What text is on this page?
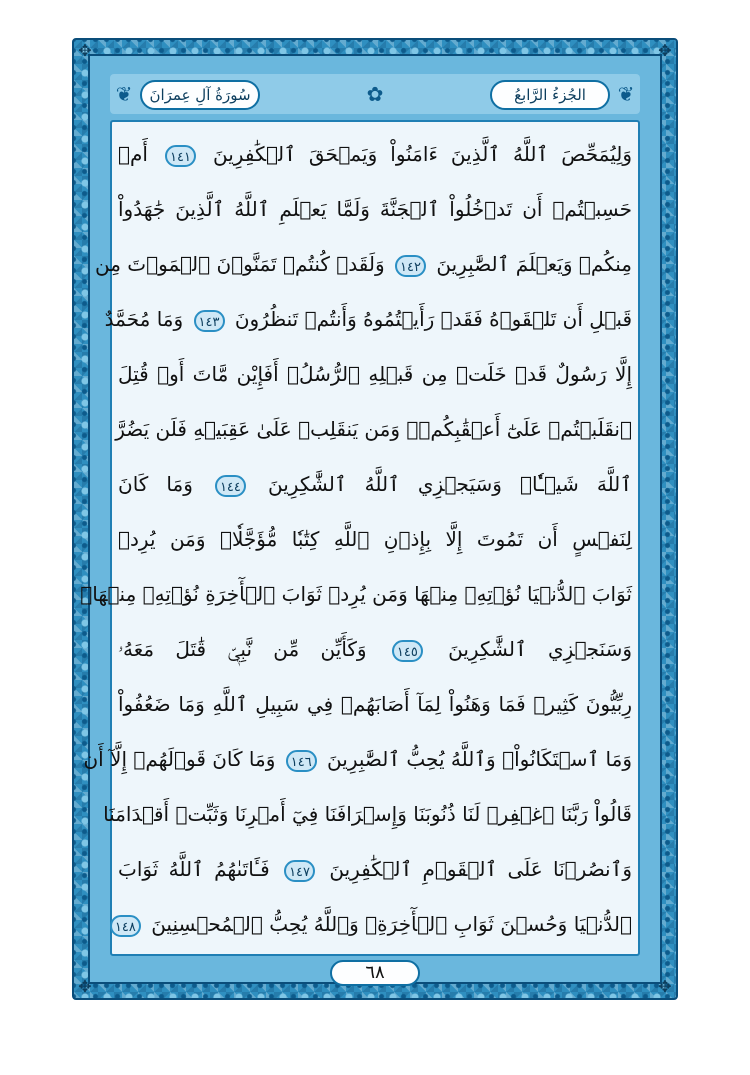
✥	✥
✥	✥
❦	❦
✿
سُورَةُ آلِ عِمرَانَ	الجُزءُ الرَّابعُ
وَلِيُمَحِّصَ ٱللَّهُ ٱلَّذِينَ ءَامَنُواْ وَيَمۡحَقَ ٱلۡكَٰفِرِينَ ١٤١ أَمۡ
حَسِبۡتُمۡ أَن تَدۡخُلُواْ ٱلۡجَنَّةَ وَلَمَّا يَعۡلَمِ ٱللَّهُ ٱلَّذِينَ جَٰهَدُواْ
مِنكُمۡ وَيَعۡلَمَ ٱلصَّٰبِرِينَ ١٤٢ وَلَقَدۡ كُنتُمۡ تَمَنَّوۡنَ ٱلۡمَوۡتَ مِن
قَبۡلِ أَن تَلۡقَوۡهُ فَقَدۡ رَأَيۡتُمُوهُ وَأَنتُمۡ تَنظُرُونَ ١٤٣ وَمَا مُحَمَّدٌ
إِلَّا رَسُولٌ قَدۡ خَلَتۡ مِن قَبۡلِهِ ٱلرُّسُلُۚ أَفَإِيْن مَّاتَ أَوۡ قُتِلَ
ٱنقَلَبۡتُمۡ عَلَىٰٓ أَعۡقَٰبِكُمۡۚ وَمَن يَنقَلِبۡ عَلَىٰ عَقِبَيۡهِ فَلَن يَضُرَّ
ٱللَّهَ شَيۡـٔٗاۗ وَسَيَجۡزِي ٱللَّهُ ٱلشَّٰكِرِينَ ١٤٤ وَمَا كَانَ
لِنَفۡسٍ أَن تَمُوتَ إِلَّا بِإِذۡنِ ٱللَّهِ كِتَٰبٗا مُّؤَجَّلٗاۗ وَمَن يُرِدۡ
ثَوَابَ ٱلدُّنۡيَا نُؤۡتِهِۦ مِنۡهَا وَمَن يُرِدۡ ثَوَابَ ٱلۡأٓخِرَةِ نُؤۡتِهِۦ مِنۡهَاۚ
وَسَنَجۡزِي ٱلشَّٰكِرِينَ ١٤٥ وَكَأَيِّن مِّن نَّبِيّٖ قَٰتَلَ مَعَهُۥ
رِبِّيُّونَ كَثِيرٞ فَمَا وَهَنُواْ لِمَآ أَصَابَهُمۡ فِي سَبِيلِ ٱللَّهِ وَمَا ضَعُفُواْ
وَمَا ٱسۡتَكَانُواْۗ وَٱللَّهُ يُحِبُّ ٱلصَّٰبِرِينَ ١٤٦ وَمَا كَانَ قَوۡلَهُمۡ إِلَّآ أَن
قَالُواْ رَبَّنَا ٱغۡفِرۡ لَنَا ذُنُوبَنَا وَإِسۡرَافَنَا فِيٓ أَمۡرِنَا وَثَبِّتۡ أَقۡدَامَنَا
وَٱنصُرۡنَا عَلَى ٱلۡقَوۡمِ ٱلۡكَٰفِرِينَ ١٤٧ فَـَٔاتَىٰهُمُ ٱللَّهُ ثَوَابَ
ٱلدُّنۡيَا وَحُسۡنَ ثَوَابِ ٱلۡأٓخِرَةِۗ وَٱللَّهُ يُحِبُّ ٱلۡمُحۡسِنِينَ ١٤٨
٦٨
